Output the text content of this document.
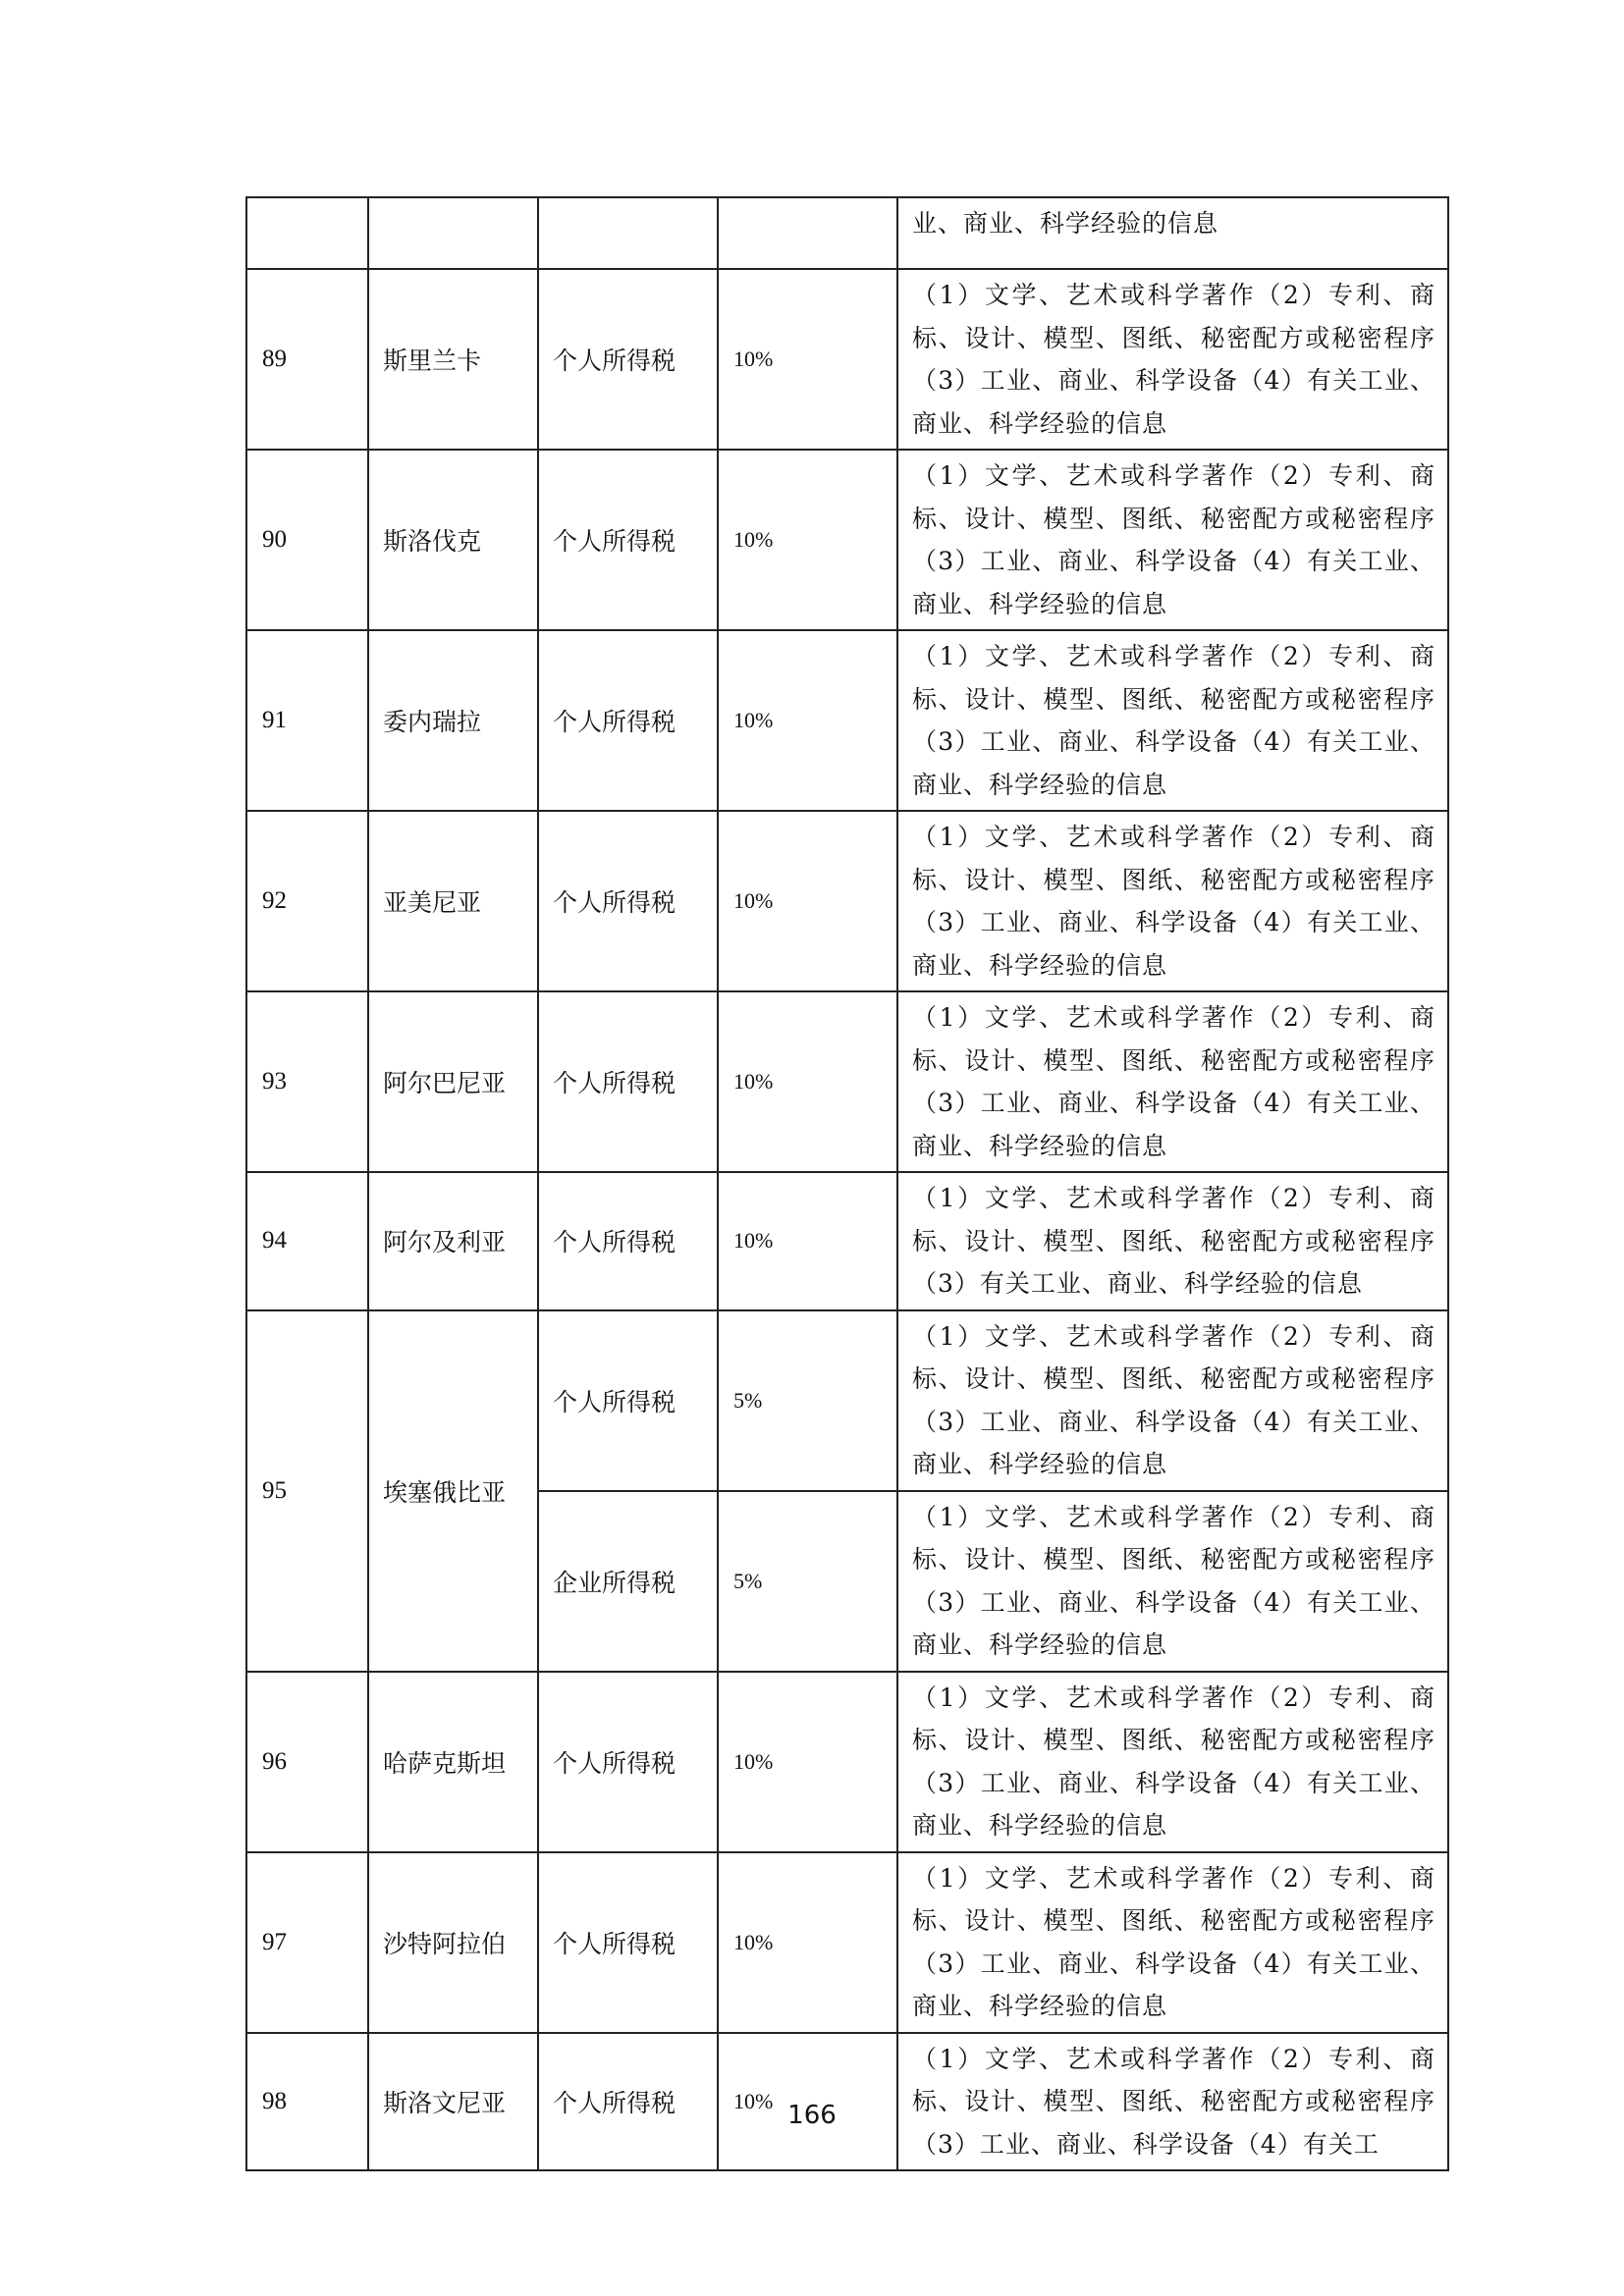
				业、商业、科学经验的信息
89	斯里兰卡	个人所得税	10%	（1）文学、艺术或科学著作（2）专利、商标、设计、模型、图纸、秘密配方或秘密程序（3）工业、商业、科学设备（4）有关工业、商业、科学经验的信息
90	斯洛伐克	个人所得税	10%	（1）文学、艺术或科学著作（2）专利、商标、设计、模型、图纸、秘密配方或秘密程序（3）工业、商业、科学设备（4）有关工业、商业、科学经验的信息
91	委内瑞拉	个人所得税	10%	（1）文学、艺术或科学著作（2）专利、商标、设计、模型、图纸、秘密配方或秘密程序（3）工业、商业、科学设备（4）有关工业、商业、科学经验的信息
92	亚美尼亚	个人所得税	10%	（1）文学、艺术或科学著作（2）专利、商标、设计、模型、图纸、秘密配方或秘密程序（3）工业、商业、科学设备（4）有关工业、商业、科学经验的信息
93	阿尔巴尼亚	个人所得税	10%	（1）文学、艺术或科学著作（2）专利、商标、设计、模型、图纸、秘密配方或秘密程序（3）工业、商业、科学设备（4）有关工业、商业、科学经验的信息
94	阿尔及利亚	个人所得税	10%	（1）文学、艺术或科学著作（2）专利、商标、设计、模型、图纸、秘密配方或秘密程序（3）有关工业、商业、科学经验的信息
95	埃塞俄比亚	个人所得税	5%	（1）文学、艺术或科学著作（2）专利、商标、设计、模型、图纸、秘密配方或秘密程序（3）工业、商业、科学设备（4）有关工业、商业、科学经验的信息
		企业所得税	5%	（1）文学、艺术或科学著作（2）专利、商标、设计、模型、图纸、秘密配方或秘密程序（3）工业、商业、科学设备（4）有关工业、商业、科学经验的信息
96	哈萨克斯坦	个人所得税	10%	（1）文学、艺术或科学著作（2）专利、商标、设计、模型、图纸、秘密配方或秘密程序（3）工业、商业、科学设备（4）有关工业、商业、科学经验的信息
97	沙特阿拉伯	个人所得税	10%	（1）文学、艺术或科学著作（2）专利、商标、设计、模型、图纸、秘密配方或秘密程序（3）工业、商业、科学设备（4）有关工业、商业、科学经验的信息
98	斯洛文尼亚	个人所得税	10%	（1）文学、艺术或科学著作（2）专利、商标、设计、模型、图纸、秘密配方或秘密程序（3）工业、商业、科学设备（4）有关工
166
